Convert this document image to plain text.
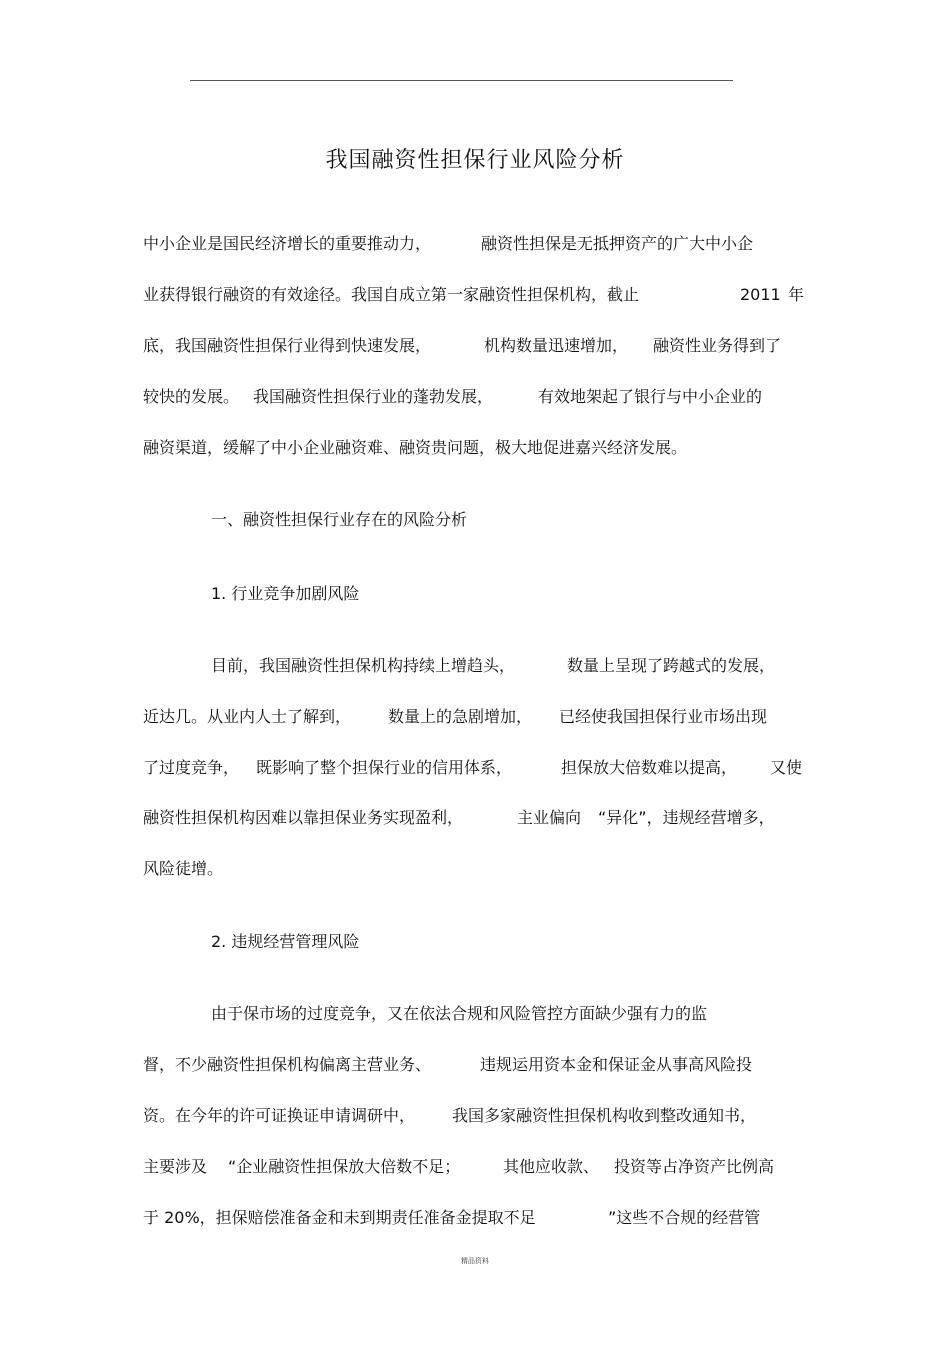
我国融资性担保行业风险分析
中小企业是国民经济增长的重要推动力，	融资性担保是无抵押资产的广大中小企
业获得银行融资的有效途径。我国自成立第一家融资性担保机构，截止	2011 年
底，我国融资性担保行业得到快速发展，	机构数量迅速增加， 融资性业务得到了
较快的发展。 我国融资性担保行业的蓬勃发展，	有效地架起了银行与中小企业的
融资渠道，缓解了中小企业融资难、融资贵问题，极大地促进嘉兴经济发展。
一、融资性担保行业存在的风险分析
1. 行业竞争加剧风险
目前，我国融资性担保机构持续上增趋头，	数量上呈现了跨越式的发展，
近达几。从业内人士了解到， 数量上的急剧增加， 已经使我国担保行业市场出现
了过度竞争， 既影响了整个担保行业的信用体系，	担保放大倍数难以提高， 又使
融资性担保机构因难以靠担保业务实现盈利，	主业偏向 “异化”，违规经营增多，
风险徒增。
2. 违规经营管理风险
由于保市场的过度竞争，又在依法合规和风险管控方面缺少强有力的监
督，不少融资性担保机构偏离主营业务、	违规运用资本金和保证金从事高风险投
资。在今年的许可证换证申请调研中， 我国多家融资性担保机构收到整改通知书，
主要涉及 “企业融资性担保放大倍数不足；	其他应收款、 投资等占净资产比例高
于 20%，担保赔偿准备金和未到期责任准备金提取不足	”这些不合规的经营管
精品资料
